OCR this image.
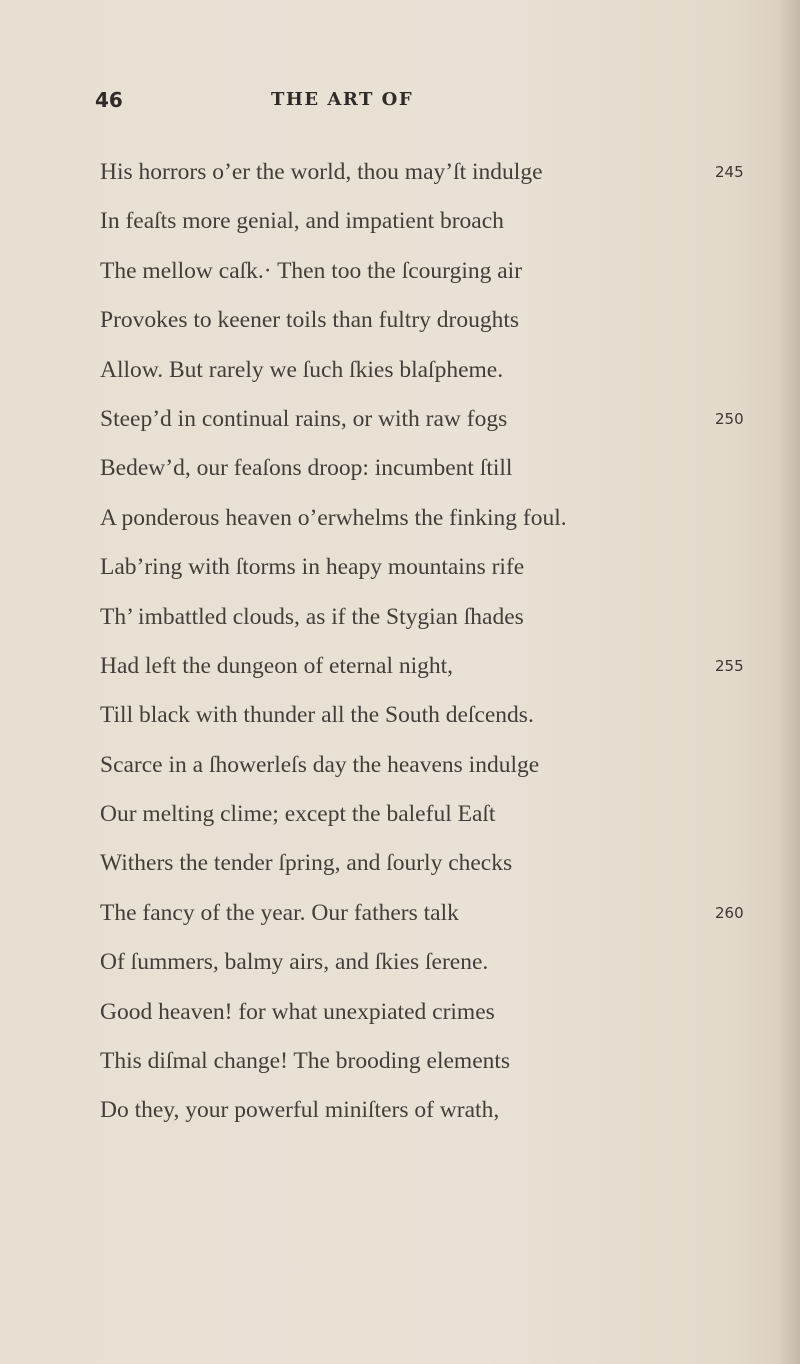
46	THE ART OF
His horrors o’er the world, thou may’ſt indulge	245
In feaſts more genial, and impatient broach
The mellow caſk.· Then too the ſcourging air
Provokes to keener toils than fultry droughts
Allow. But rarely we ſuch ſkies blaſpheme.
Steep’d in continual rains, or with raw fogs	250
Bedew’d, our feaſons droop: incumbent ſtill
A ponderous heaven o’erwhelms the finking foul.
Lab’ring with ſtorms in heapy mountains rife
Th’ imbattled clouds, as if the Stygian ſhades
Had left the dungeon of eternal night,	255
Till black with thunder all the South deſcends.
Scarce in a ſhowerleſs day the heavens indulge
Our melting clime; except the baleful Eaſt
Withers the tender ſpring, and ſourly checks
The fancy of the year. Our fathers talk	260
Of ſummers, balmy airs, and ſkies ſerene.
Good heaven! for what unexpiated crimes
This diſmal change! The brooding elements
Do they, your powerful miniſters of wrath,
